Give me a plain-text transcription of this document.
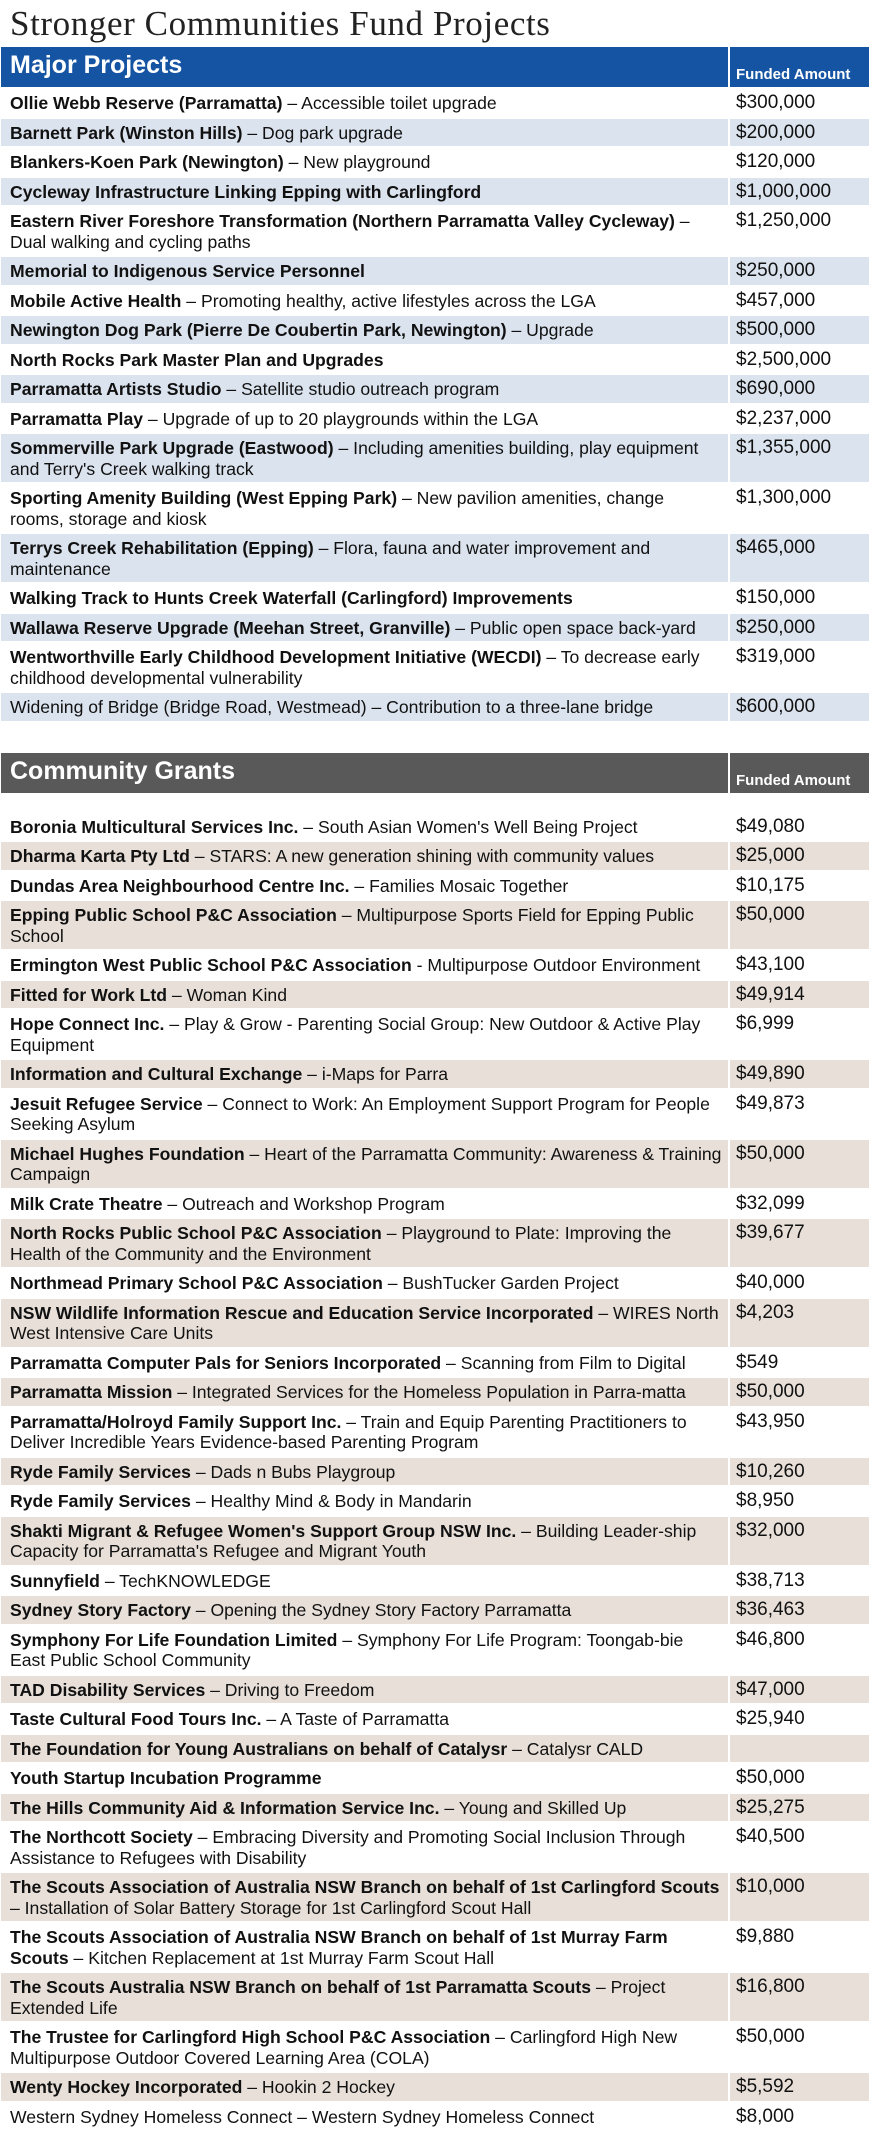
Stronger Communities Fund Projects
Major Projects	Funded Amount
Ollie Webb Reserve (Parramatta) – Accessible toilet upgrade	$300,000
Barnett Park (Winston Hills) – Dog park upgrade	$200,000
Blankers-Koen Park (Newington) – New playground	$120,000
Cycleway Infrastructure Linking Epping with Carlingford	$1,000,000
Eastern River Foreshore Transformation (Northern Parramatta Valley Cycleway) – Dual walking and cycling paths	$1,250,000
Memorial to Indigenous Service Personnel	$250,000
Mobile Active Health – Promoting healthy, active lifestyles across the LGA	$457,000
Newington Dog Park (Pierre De Coubertin Park, Newington) – Upgrade	$500,000
North Rocks Park Master Plan and Upgrades	$2,500,000
Parramatta Artists Studio – Satellite studio outreach program	$690,000
Parramatta Play – Upgrade of up to 20 playgrounds within the LGA	$2,237,000
Sommerville Park Upgrade (Eastwood) – Including amenities building, play equipment and Terry's Creek walking track	$1,355,000
Sporting Amenity Building (West Epping Park) – New pavilion amenities, change rooms, storage and kiosk	$1,300,000
Terrys Creek Rehabilitation (Epping) – Flora, fauna and water improvement and maintenance	$465,000
Walking Track to Hunts Creek Waterfall (Carlingford) Improvements	$150,000
Wallawa Reserve Upgrade (Meehan Street, Granville) – Public open space back-yard	$250,000
Wentworthville Early Childhood Development Initiative (WECDI) – To decrease early childhood developmental vulnerability	$319,000
Widening of Bridge (Bridge Road, Westmead) – Contribution to a three-lane bridge	$600,000

Community Grants	Funded Amount

Boronia Multicultural Services Inc. – South Asian Women's Well Being Project	$49,080
Dharma Karta Pty Ltd – STARS: A new generation shining with community values	$25,000
Dundas Area Neighbourhood Centre Inc. – Families Mosaic Together	$10,175
Epping Public School P&C Association – Multipurpose Sports Field for Epping Public School	$50,000
Ermington West Public School P&C Association - Multipurpose Outdoor Environment	$43,100
Fitted for Work Ltd – Woman Kind	$49,914
Hope Connect Inc. – Play & Grow - Parenting Social Group: New Outdoor & Active Play Equipment	$6,999
Information and Cultural Exchange – i-Maps for Parra	$49,890
Jesuit Refugee Service – Connect to Work: An Employment Support Program for People Seeking Asylum	$49,873
Michael Hughes Foundation – Heart of the Parramatta Community: Awareness & Training Campaign	$50,000
Milk Crate Theatre – Outreach and Workshop Program	$32,099
North Rocks Public School P&C Association – Playground to Plate: Improving the Health of the Community and the Environment	$39,677
Northmead Primary School P&C Association – BushTucker Garden Project	$40,000
NSW Wildlife Information Rescue and Education Service Incorporated – WIRES North West Intensive Care Units	$4,203
Parramatta Computer Pals for Seniors Incorporated – Scanning from Film to Digital	$549
Parramatta Mission – Integrated Services for the Homeless Population in Parra-matta	$50,000
Parramatta/Holroyd Family Support Inc. – Train and Equip Parenting Practitioners to Deliver Incredible Years Evidence-based Parenting Program	$43,950
Ryde Family Services – Dads n Bubs Playgroup	$10,260
Ryde Family Services – Healthy Mind & Body in Mandarin	$8,950
Shakti Migrant & Refugee Women's Support Group NSW Inc. – Building Leader-ship Capacity for Parramatta's Refugee and Migrant Youth	$32,000
Sunnyfield – TechKNOWLEDGE	$38,713
Sydney Story Factory – Opening the Sydney Story Factory Parramatta	$36,463
Symphony For Life Foundation Limited – Symphony For Life Program: Toongab-bie East Public School Community	$46,800
TAD Disability Services – Driving to Freedom	$47,000
Taste Cultural Food Tours Inc. – A Taste of Parramatta	$25,940
The Foundation for Young Australians on behalf of Catalysr – Catalysr CALD	
Youth Startup Incubation Programme	$50,000
The Hills Community Aid & Information Service Inc. – Young and Skilled Up	$25,275
The Northcott Society – Embracing Diversity and Promoting Social Inclusion Through Assistance to Refugees with Disability	$40,500
The Scouts Association of Australia NSW Branch on behalf of 1st Carlingford Scouts – Installation of Solar Battery Storage for 1st Carlingford Scout Hall	$10,000
The Scouts Association of Australia NSW Branch on behalf of 1st Murray Farm Scouts – Kitchen Replacement at 1st Murray Farm Scout Hall	$9,880
The Scouts Australia NSW Branch on behalf of 1st Parramatta Scouts – Project Extended Life	$16,800
The Trustee for Carlingford High School P&C Association – Carlingford High New Multipurpose Outdoor Covered Learning Area (COLA)	$50,000
Wenty Hockey Incorporated – Hookin 2 Hockey	$5,592
Western Sydney Homeless Connect – Western Sydney Homeless Connect	$8,000
